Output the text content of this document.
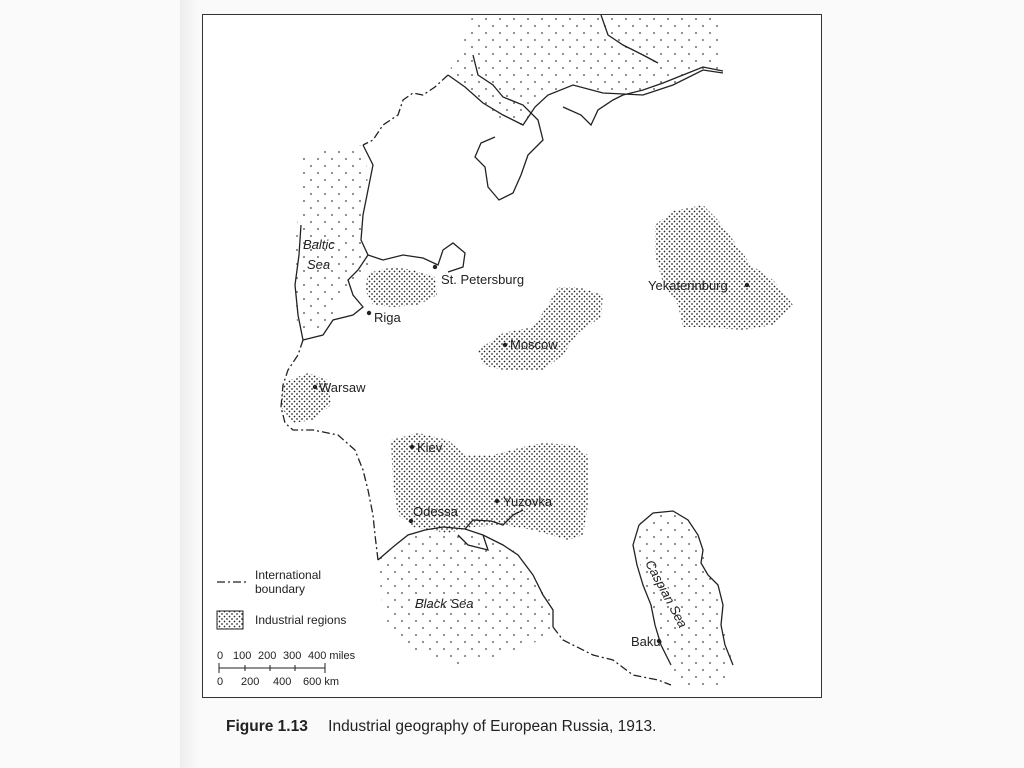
Baltic
Sea
Black Sea	Caspian Sea
St. Petersburg
Riga
Moscow
Yekaterinburg
Warsaw
Kiev
Yuzovka
Odessa
Baku
International
boundary
Industrial regions
0 100 200 300 400 miles
0 200 400 600 km
Figure 1.13 Industrial geography of European Russia, 1913.
